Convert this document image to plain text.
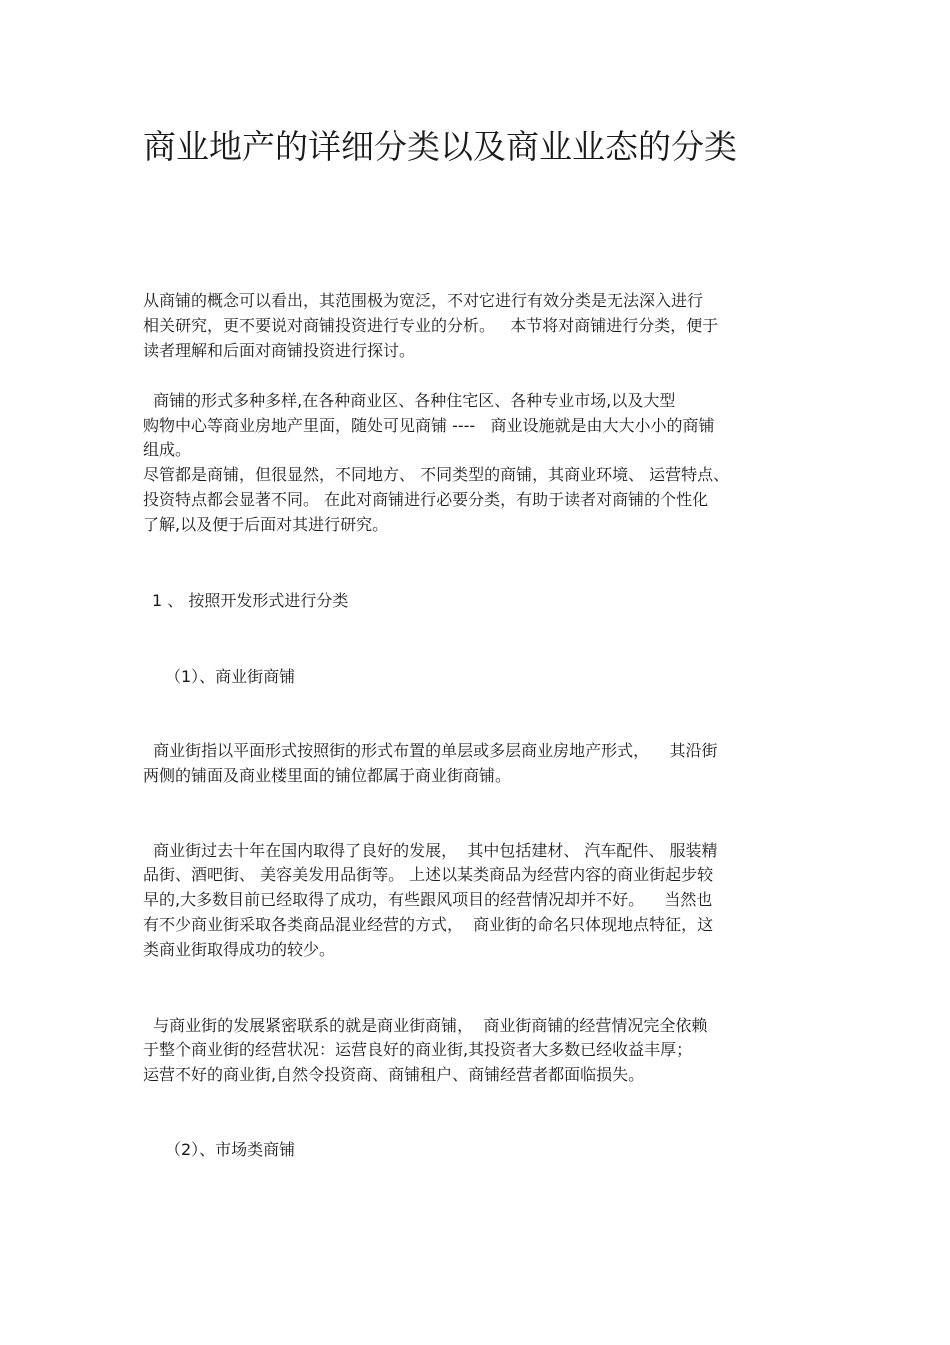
商业地产的详细分类以及商业业态的分类

从商铺的概念可以看出，其范围极为宽泛，不对它进行有效分类是无法深入进行

相关研究，更不要说对商铺投资进行专业的分析。   本节将对商铺进行分类，便于

读者理解和后面对商铺投资进行探讨。

商铺的形式多种多样,在各种商业区、各种住宅区、各种专业市场,以及大型

购物中心等商业房地产里面，随处可见商铺 ----   商业设施就是由大大小小的商铺

组成。

尽管都是商铺，但很显然，不同地方、 不同类型的商铺，其商业环境、 运营特点、

投资特点都会显著不同。 在此对商铺进行必要分类，有助于读者对商铺的个性化

了解,以及便于后面对其进行研究。

1 、 按照开发形式进行分类

（1）、商业街商铺

商业街指以平面形式按照街的形式布置的单层或多层商业房地产形式，    其沿街

两侧的铺面及商业楼里面的铺位都属于商业街商铺。

商业街过去十年在国内取得了良好的发展，  其中包括建材、 汽车配件、 服装精

品街、酒吧街、 美容美发用品街等。 上述以某类商品为经营内容的商业街起步较

早的,大多数目前已经取得了成功，有些跟风项目的经营情况却并不好。    当然也

有不少商业街采取各类商品混业经营的方式，  商业街的命名只体现地点特征，这

类商业街取得成功的较少。

与商业街的发展紧密联系的就是商业街商铺，  商业街商铺的经营情况完全依赖

于整个商业街的经营状况：运营良好的商业街,其投资者大多数已经收益丰厚；

运营不好的商业街,自然令投资商、商铺租户、商铺经营者都面临损失。

（2）、市场类商铺
